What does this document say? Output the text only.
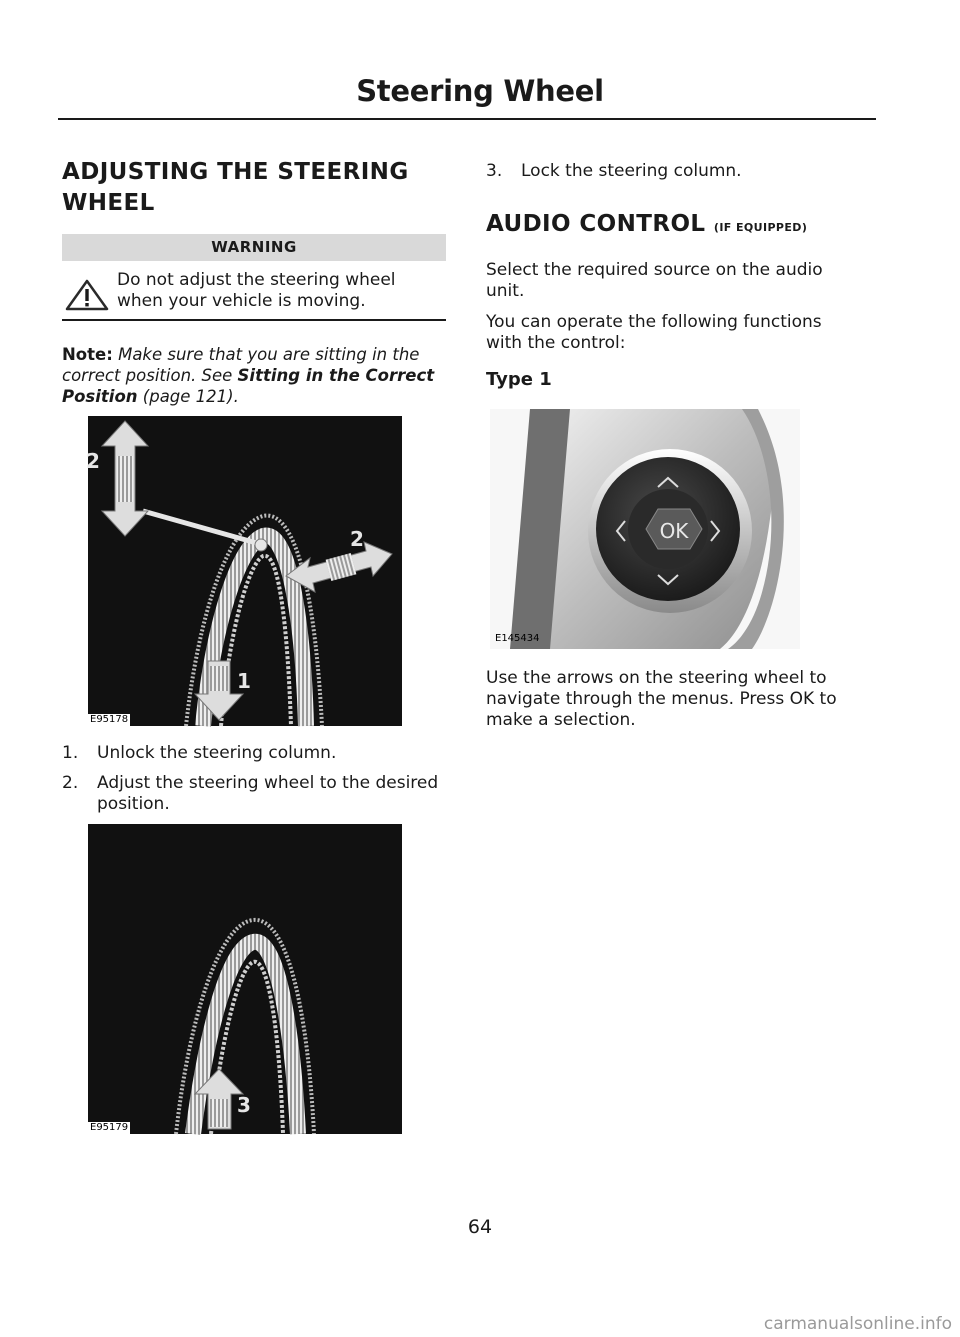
Steering Wheel
ADJUSTING THE STEERING
WHEEL
WARNING
Do not adjust the steering wheel
when your vehicle is moving.
Note: Make sure that you are sitting in the
correct position. See Sitting in the Correct
Position (page 121).
2
2
1
E95178
1. Unlock the steering column.
2. Adjust the steering wheel to the desired
position.
3
E95179
3. Lock the steering column.
AUDIO CONTROL (IF EQUIPPED)
Select the required source on the audio
unit.
You can operate the following functions
with the control:
Type 1
OK
E145434
Use the arrows on the steering wheel to
navigate through the menus. Press OK to
make a selection.
64
carmanualsonline.info
